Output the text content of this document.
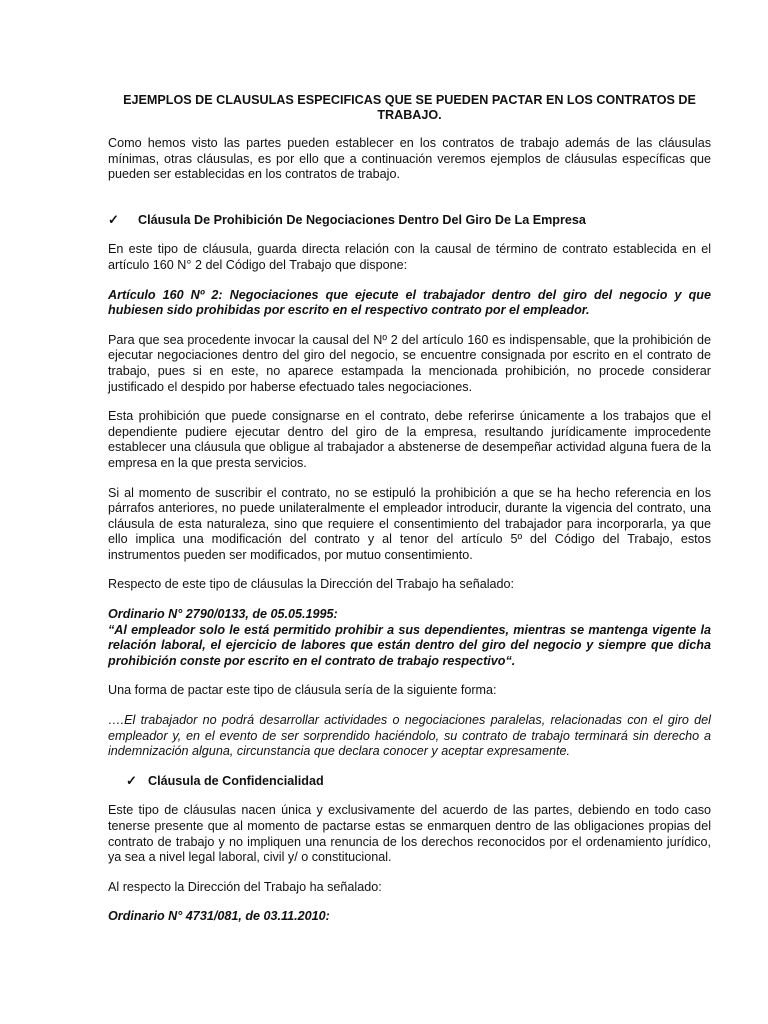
EJEMPLOS DE CLAUSULAS ESPECIFICAS QUE SE PUEDEN PACTAR EN LOS CONTRATOS DE TRABAJO.

Como hemos visto las partes pueden establecer en los contratos de trabajo además de las cláusulas mínimas, otras cláusulas, es por ello que a continuación veremos ejemplos de cláusulas específicas que pueden ser establecidas en los contratos de trabajo.

✓	Cláusula De Prohibición De Negociaciones Dentro Del Giro De La Empresa

En este tipo de cláusula, guarda directa relación con la causal de término de contrato establecida en el artículo 160 N° 2 del Código del Trabajo que dispone:

Artículo 160 Nº 2: Negociaciones que ejecute el trabajador dentro del giro del negocio y que hubiesen sido prohibidas por escrito en el respectivo contrato por el empleador.

Para que sea procedente invocar la causal del Nº 2 del artículo 160 es indispensable, que la prohibición de ejecutar negociaciones dentro del giro del negocio, se encuentre consignada por escrito en el contrato de trabajo, pues si en este, no aparece estampada la mencionada prohibición, no procede considerar justificado el despido por haberse efectuado tales negociaciones.

Esta prohibición que puede consignarse en el contrato, debe referirse únicamente a los trabajos que el dependiente pudiere ejecutar dentro del giro de la empresa, resultando jurídicamente improcedente establecer una cláusula que obligue al trabajador a abstenerse de desempeñar actividad alguna fuera de la empresa en la que presta servicios.

Si al momento de suscribir el contrato, no se estipuló la prohibición a que se ha hecho referencia en los párrafos anteriores, no puede unilateralmente el empleador introducir, durante la vigencia del contrato, una cláusula de esta naturaleza, sino que requiere el consentimiento del trabajador para incorporarla, ya que ello implica una modificación del contrato y al tenor del artículo 5º del Código del Trabajo, estos instrumentos pueden ser modificados, por mutuo consentimiento.

Respecto de este tipo de cláusulas la Dirección del Trabajo ha señalado:

Ordinario N° 2790/0133, de 05.05.1995:

“Al empleador solo le está permitido prohibir a sus dependientes, mientras se mantenga vigente la relación laboral, el ejercicio de labores que están dentro del giro del negocio y siempre que dicha prohibición conste por escrito en el contrato de trabajo respectivo“.

Una forma de pactar este tipo de cláusula sería de la siguiente forma:

….El trabajador no podrá desarrollar actividades o negociaciones paralelas, relacionadas con el giro del empleador y, en el evento de ser sorprendido haciéndolo, su contrato de trabajo terminará sin derecho a indemnización alguna, circunstancia que declara conocer y aceptar expresamente.

✓ Cláusula de Confidencialidad

Este tipo de cláusulas nacen única y exclusivamente del acuerdo de las partes, debiendo en todo caso tenerse presente que al momento de pactarse estas se enmarquen dentro de las obligaciones propias del contrato de trabajo y no impliquen una renuncia de los derechos reconocidos por el ordenamiento jurídico, ya sea a nivel legal laboral, civil y/ o constitucional.

Al respecto la Dirección del Trabajo ha señalado:

Ordinario N° 4731/081, de 03.11.2010:
